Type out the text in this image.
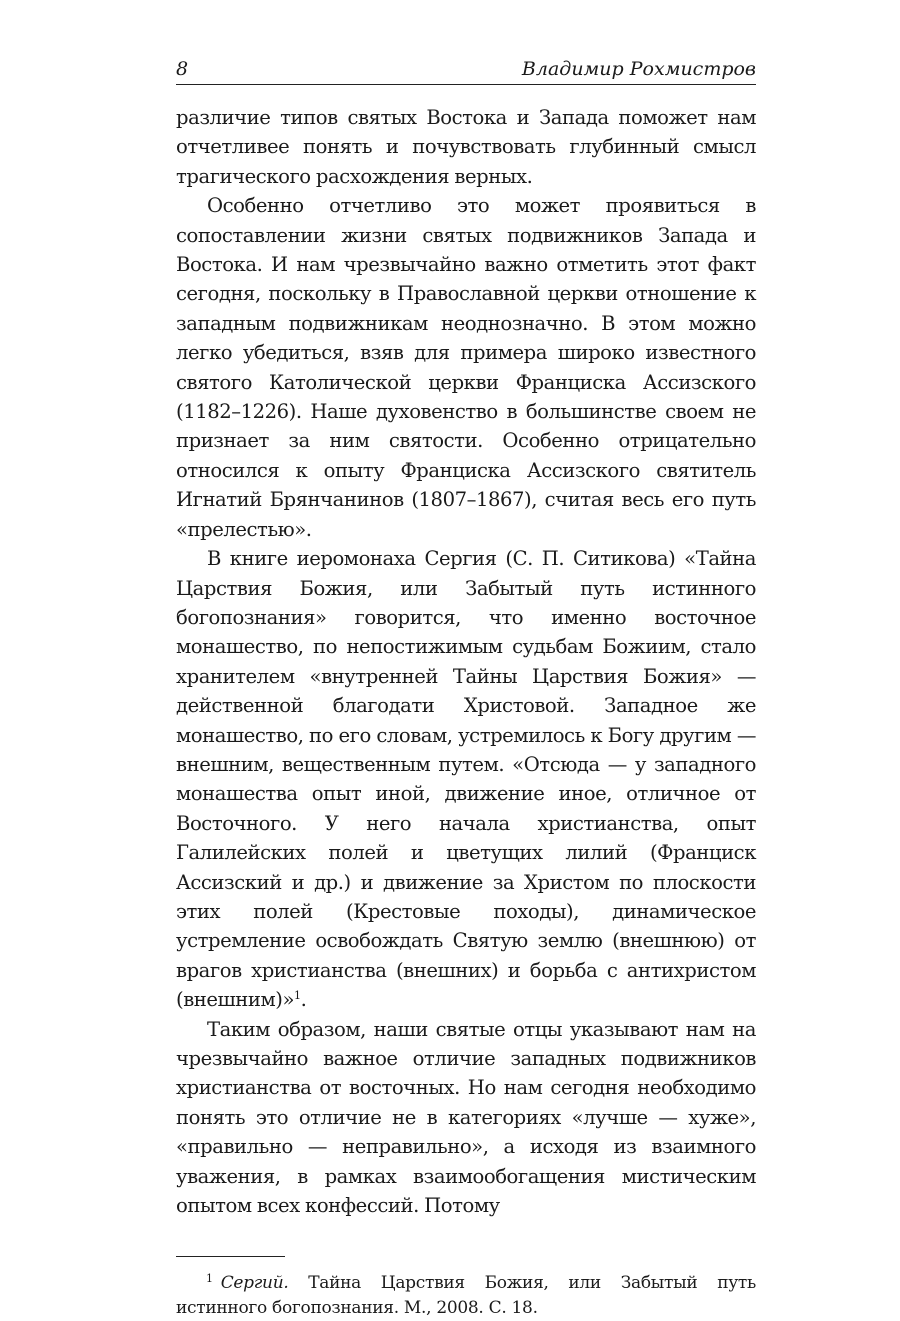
8	Владимир Рохмистров

различие типов святых Востока и Запада поможет нам отчетливее понять и почувствовать глубинный смысл трагического расхождения верных.

Особенно отчетливо это может проявиться в сопоставлении жизни святых подвижников Запада и Востока. И нам чрезвычайно важно отметить этот факт сегодня, поскольку в Православной церкви отношение к западным подвижникам неоднозначно. В этом можно легко убедиться, взяв для примера широко известного святого Католической церкви Франциска Ассизского (1182–1226). Наше духовенство в большинстве своем не признает за ним святости. Особенно отрицательно относился к опыту Франциска Ассизского святитель Игнатий Брянчанинов (1807–1867), считая весь его путь «прелестью».

В книге иеромонаха Сергия (С. П. Ситикова) «Тайна Царствия Божия, или Забытый путь истинного богопознания» говорится, что именно восточное монашество, по непостижимым судьбам Божиим, стало хранителем «внутренней Тайны Царствия Божия» — действенной благодати Христовой. Западное же монашество, по его словам, устремилось к Богу другим — внешним, вещественным путем. «Отсюда — у западного монашества опыт иной, движение иное, отличное от Восточного. У него начала христианства, опыт Галилейских полей и цветущих лилий (Франциск Ассизский и др.) и движение за Христом по плоскости этих полей (Крестовые походы), динамическое устремление освобождать Святую землю (внешнюю) от врагов христианства (внешних) и борьба с антихристом (внешним)»$^1$.

Таким образом, наши святые отцы указывают нам на чрезвычайно важное отличие западных подвижников христианства от восточных. Но нам сегодня необходимо понять это отличие не в категориях «лучше — хуже», «правильно — неправильно», а исходя из взаимного уважения, в рамках взаимообогащения мистическим опытом всех конфессий. Потому

$^1$ Сергий. Тайна Царствия Божия, или Забытый путь истинного богопознания. М., 2008. С. 18.
